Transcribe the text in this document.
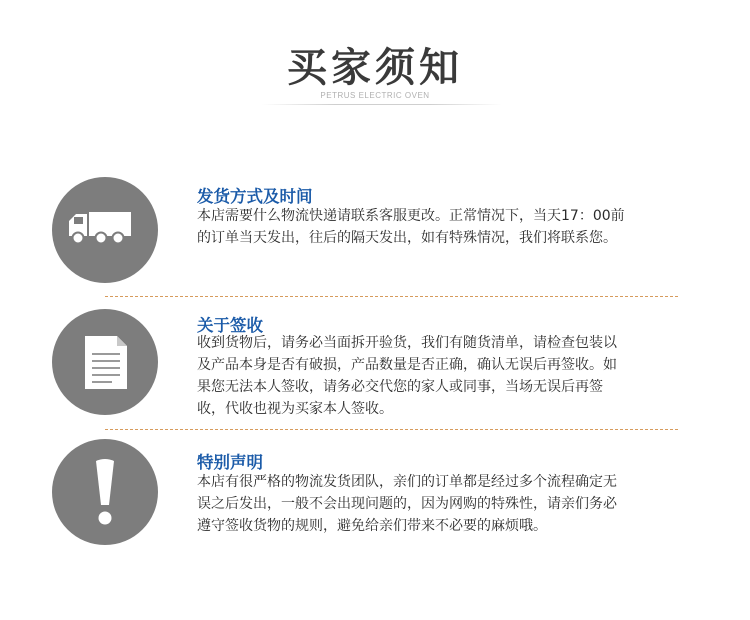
买家须知
PETRUS ELECTRIC OVEN
发货方式及时间
本店需要什么物流快递请联系客服更改。正常情况下，当天17：00前
的订单当天发出，往后的隔天发出，如有特殊情况，我们将联系您。
关于签收
收到货物后，请务必当面拆开验货，我们有随货清单，请检查包装以
及产品本身是否有破损，产品数量是否正确，确认无误后再签收。如
果您无法本人签收，请务必交代您的家人或同事，当场无误后再签
收，代收也视为买家本人签收。
特别声明
本店有很严格的物流发货团队，亲们的订单都是经过多个流程确定无
误之后发出，一般不会出现问题的，因为网购的特殊性，请亲们务必
遵守签收货物的规则，避免给亲们带来不必要的麻烦哦。
